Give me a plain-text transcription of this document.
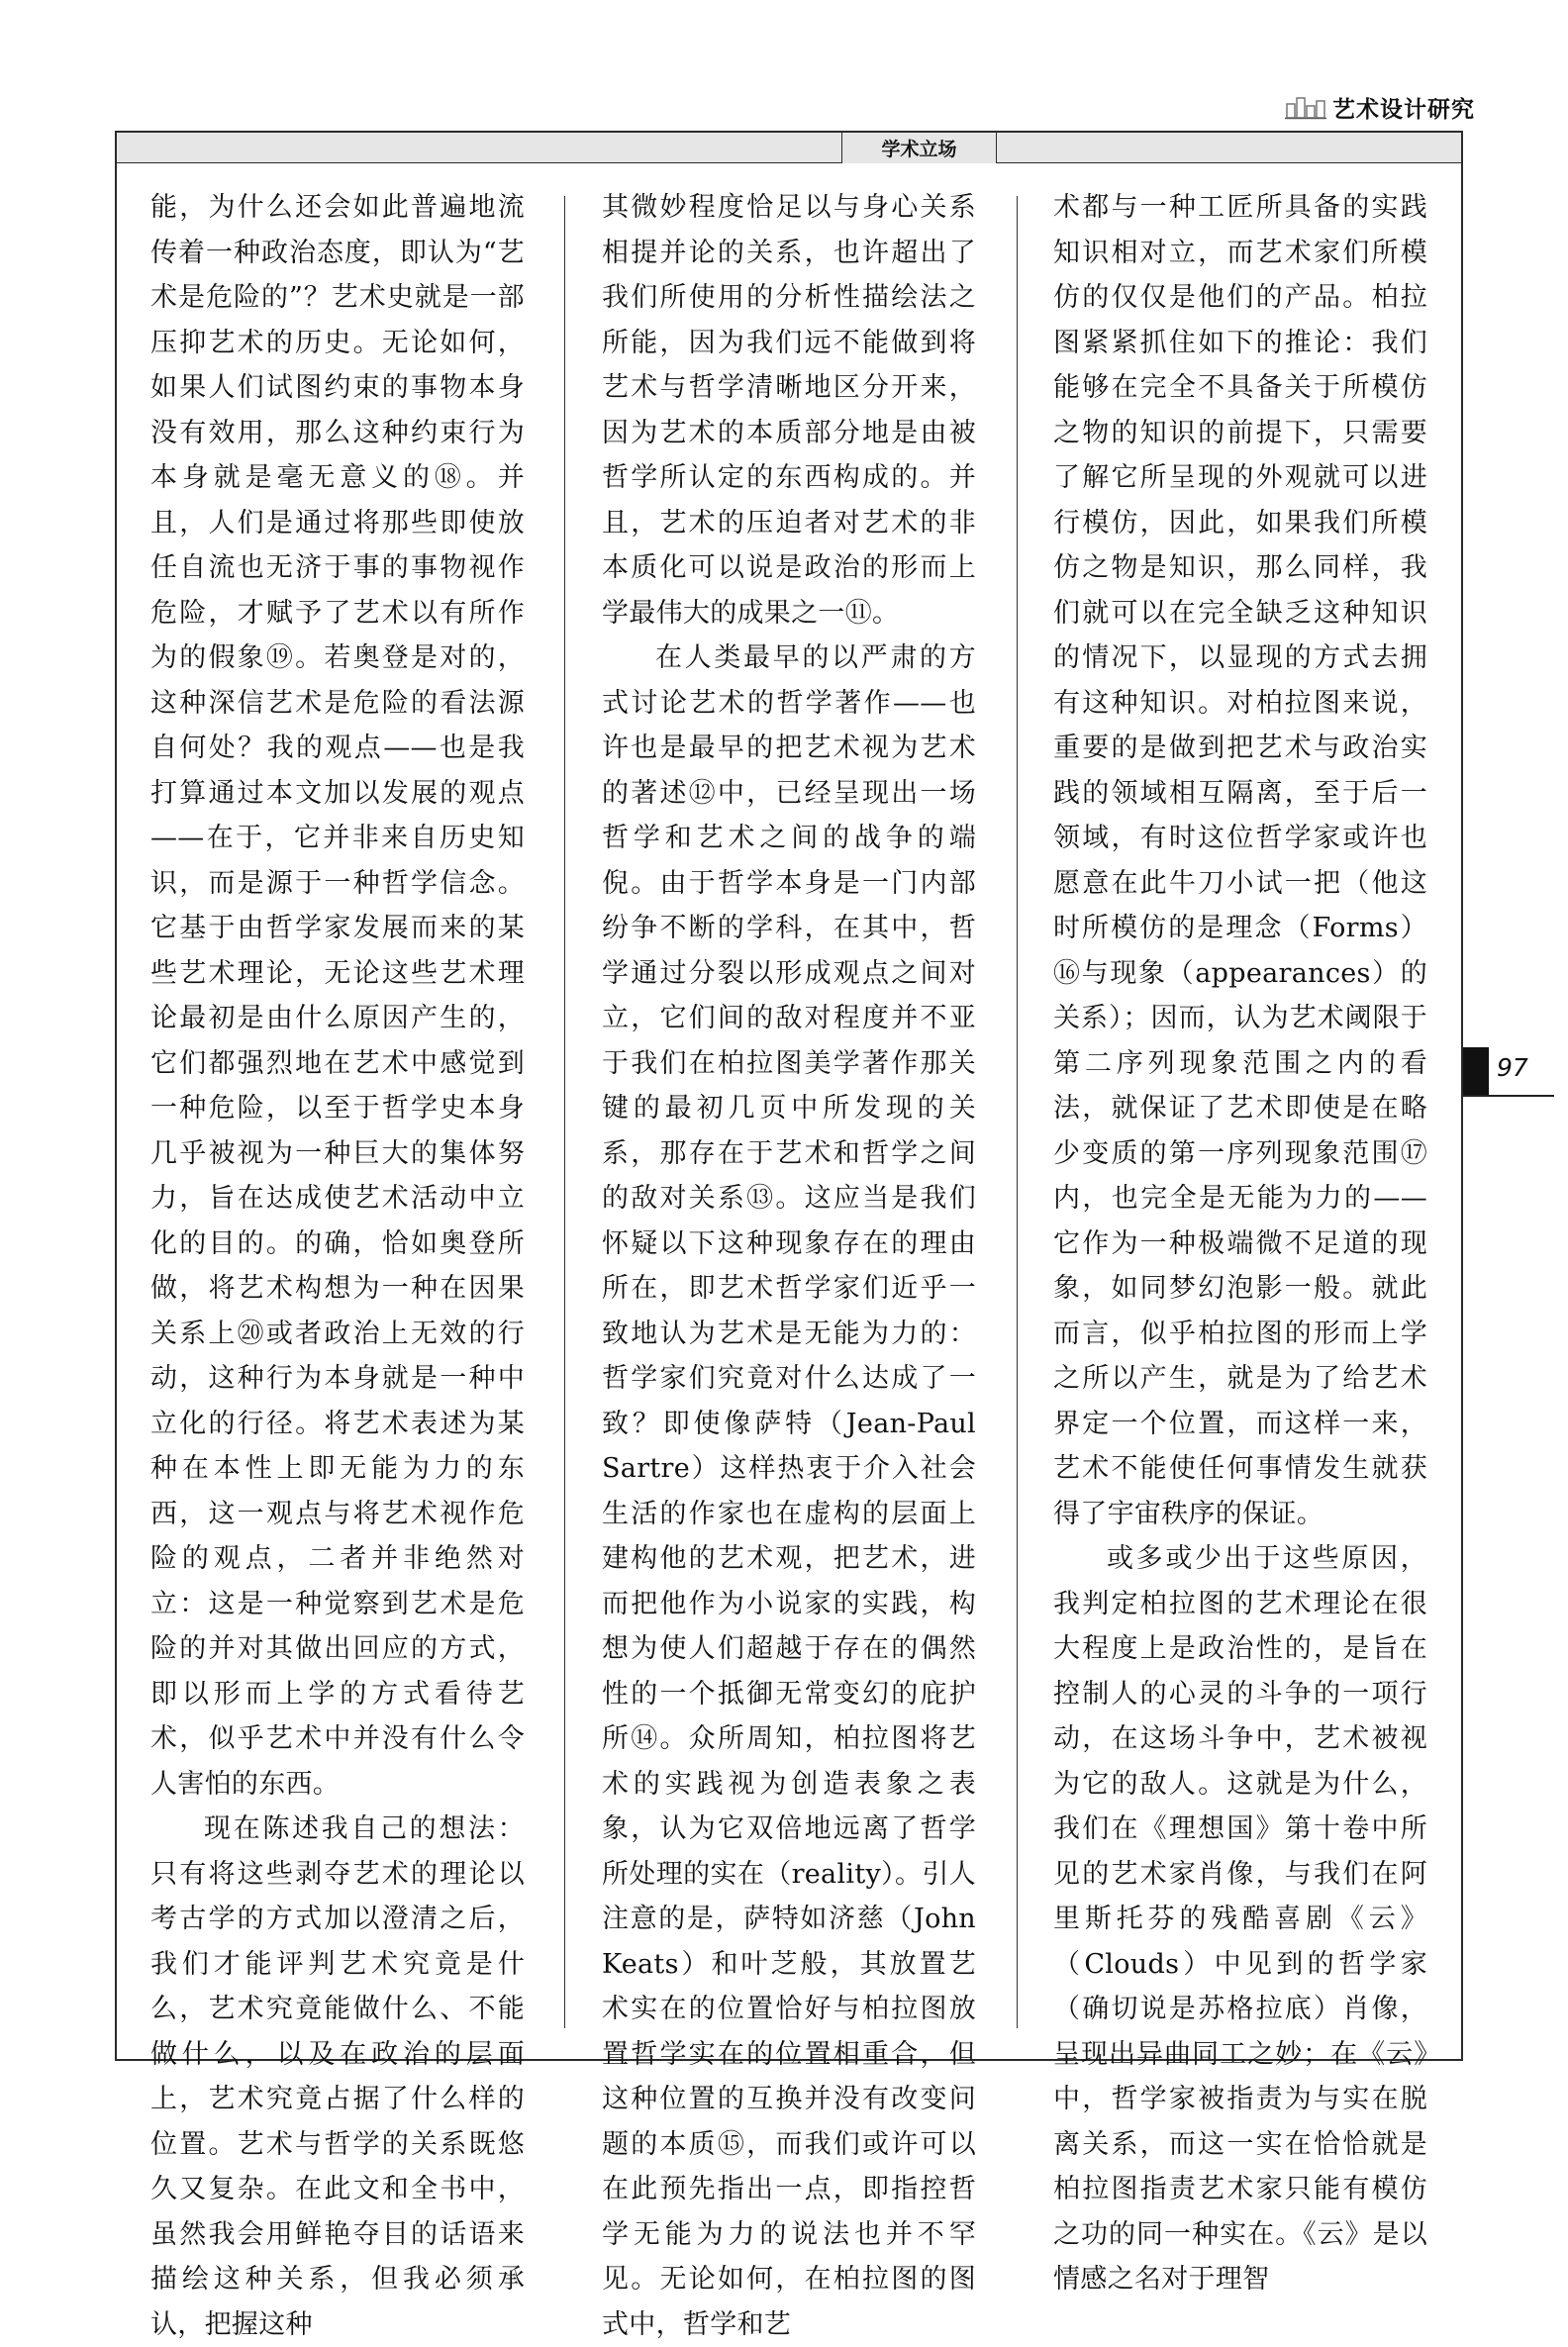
艺术设计研究
学术立场

能，为什么还会如此普遍地流传着一种政治态度，即认为“艺术是危险的”？艺术史就是一部压抑艺术的历史。无论如何，如果人们试图约束的事物本身没有效用，那么这种约束行为本身就是毫无意义的⑱。并且，人们是通过将那些即使放任自流也无济于事的事物视作危险，才赋予了艺术以有所作为的假象⑲。若奥登是对的，这种深信艺术是危险的看法源自何处？我的观点——也是我打算通过本文加以发展的观点——在于，它并非来自历史知识，而是源于一种哲学信念。它基于由哲学家发展而来的某些艺术理论，无论这些艺术理论最初是由什么原因产生的，它们都强烈地在艺术中感觉到一种危险，以至于哲学史本身几乎被视为一种巨大的集体努力，旨在达成使艺术活动中立化的目的。的确，恰如奥登所做，将艺术构想为一种在因果关系上⑳或者政治上无效的行动，这种行为本身就是一种中立化的行径。将艺术表述为某种在本性上即无能为力的东西，这一观点与将艺术视作危险的观点，二者并非绝然对立：这是一种觉察到艺术是危险的并对其做出回应的方式，即以形而上学的方式看待艺术，似乎艺术中并没有什么令人害怕的东西。

现在陈述我自己的想法：只有将这些剥夺艺术的理论以考古学的方式加以澄清之后，我们才能评判艺术究竟是什么，艺术究竟能做什么、不能做什么，以及在政治的层面上，艺术究竟占据了什么样的位置。艺术与哲学的关系既悠久又复杂。在此文和全书中，虽然我会用鲜艳夺目的话语来描绘这种关系，但我必须承认，把握这种

其微妙程度恰足以与身心关系相提并论的关系，也许超出了我们所使用的分析性描绘法之所能，因为我们远不能做到将艺术与哲学清晰地区分开来，因为艺术的本质部分地是由被哲学所认定的东西构成的。并且，艺术的压迫者对艺术的非本质化可以说是政治的形而上学最伟大的成果之一⑪。

在人类最早的以严肃的方式讨论艺术的哲学著作——也许也是最早的把艺术视为艺术的著述⑫中，已经呈现出一场哲学和艺术之间的战争的端倪。由于哲学本身是一门内部纷争不断的学科，在其中，哲学通过分裂以形成观点之间对立，它们间的敌对程度并不亚于我们在柏拉图美学著作那关键的最初几页中所发现的关系，那存在于艺术和哲学之间的敌对关系⑬。这应当是我们怀疑以下这种现象存在的理由所在，即艺术哲学家们近乎一致地认为艺术是无能为力的：哲学家们究竟对什么达成了一致？即使像萨特（Jean-Paul Sartre）这样热衷于介入社会生活的作家也在虚构的层面上建构他的艺术观，把艺术，进而把他作为小说家的实践，构想为使人们超越于存在的偶然性的一个抵御无常变幻的庇护所⑭。众所周知，柏拉图将艺术的实践视为创造表象之表象，认为它双倍地远离了哲学所处理的实在（reality）。引人注意的是，萨特如济慈（John Keats）和叶芝般，其放置艺术实在的位置恰好与柏拉图放置哲学实在的位置相重合，但这种位置的互换并没有改变问题的本质⑮，而我们或许可以在此预先指出一点，即指控哲学无能为力的说法也并不罕见。无论如何，在柏拉图的图式中，哲学和艺

术都与一种工匠所具备的实践知识相对立，而艺术家们所模仿的仅仅是他们的产品。柏拉图紧紧抓住如下的推论：我们能够在完全不具备关于所模仿之物的知识的前提下，只需要了解它所呈现的外观就可以进行模仿，因此，如果我们所模仿之物是知识，那么同样，我们就可以在完全缺乏这种知识的情况下，以显现的方式去拥有这种知识。对柏拉图来说，重要的是做到把艺术与政治实践的领域相互隔离，至于后一领域，有时这位哲学家或许也愿意在此牛刀小试一把（他这时所模仿的是理念（Forms）⑯与现象（appearances）的关系）；因而，认为艺术阈限于第二序列现象范围之内的看法，就保证了艺术即使是在略少变质的第一序列现象范围⑰内，也完全是无能为力的——它作为一种极端微不足道的现象，如同梦幻泡影一般。就此而言，似乎柏拉图的形而上学之所以产生，就是为了给艺术界定一个位置，而这样一来，艺术不能使任何事情发生就获得了宇宙秩序的保证。

或多或少出于这些原因，我判定柏拉图的艺术理论在很大程度上是政治性的，是旨在控制人的心灵的斗争的一项行动，在这场斗争中，艺术被视为它的敌人。这就是为什么，我们在《理想国》第十卷中所见的艺术家肖像，与我们在阿里斯托芬的残酷喜剧《云》（Clouds）中见到的哲学家（确切说是苏格拉底）肖像，呈现出异曲同工之妙；在《云》中，哲学家被指责为与实在脱离关系，而这一实在恰恰就是柏拉图指责艺术家只能有模仿之功的同一种实在。《云》是以情感之名对于理智

97
